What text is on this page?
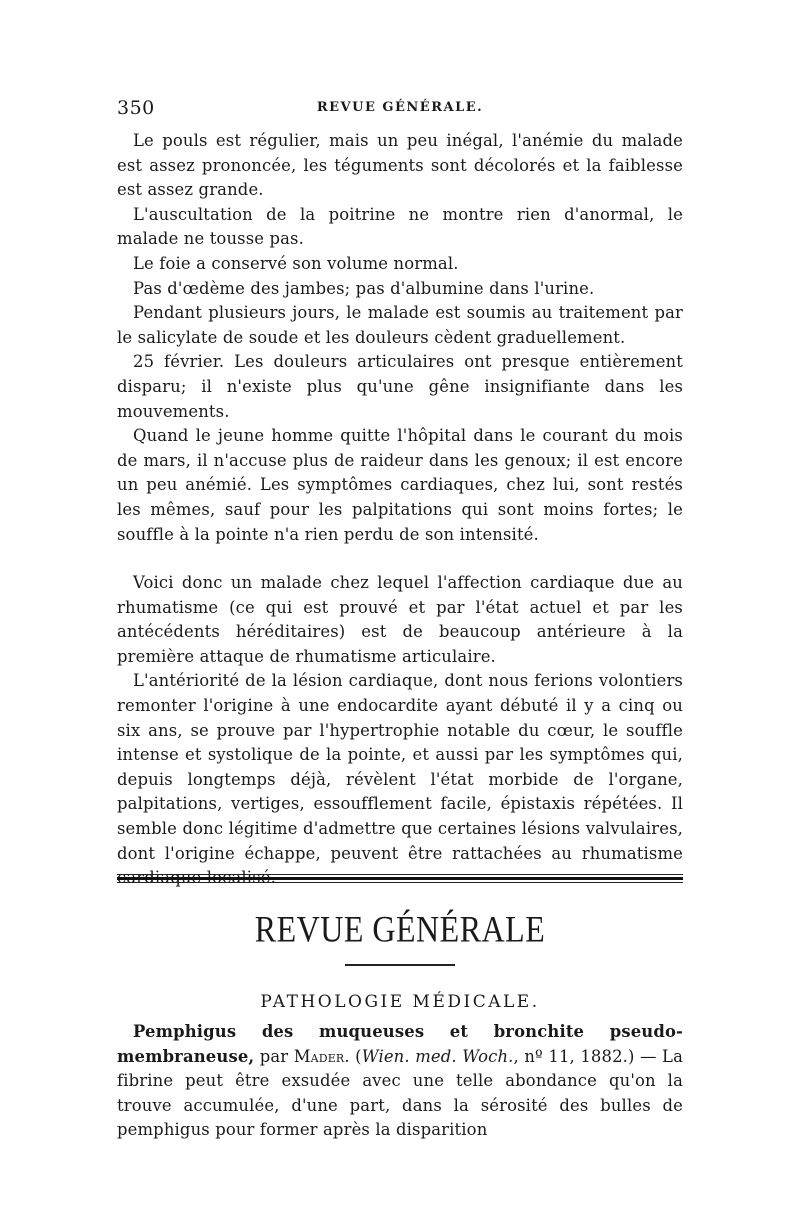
350	REVUE GÉNÉRALE.

Le pouls est régulier, mais un peu inégal, l'anémie du malade est assez prononcée, les téguments sont décolorés et la faiblesse est assez grande.

L'auscultation de la poitrine ne montre rien d'anormal, le malade ne tousse pas.

Le foie a conservé son volume normal.

Pas d'œdème des jambes; pas d'albumine dans l'urine.

Pendant plusieurs jours, le malade est soumis au traitement par le salicylate de soude et les douleurs cèdent graduellement.

25 février. Les douleurs articulaires ont presque entièrement disparu; il n'existe plus qu'une gêne insignifiante dans les mouvements.

Quand le jeune homme quitte l'hôpital dans le courant du mois de mars, il n'accuse plus de raideur dans les genoux; il est encore un peu anémié. Les symptômes cardiaques, chez lui, sont restés les mêmes, sauf pour les palpitations qui sont moins fortes; le souffle à la pointe n'a rien perdu de son intensité.

Voici donc un malade chez lequel l'affection cardiaque due au rhumatisme (ce qui est prouvé et par l'état actuel et par les antécédents héréditaires) est de beaucoup antérieure à la première attaque de rhumatisme articulaire.

L'antériorité de la lésion cardiaque, dont nous ferions volontiers remonter l'origine à une endocardite ayant débuté il y a cinq ou six ans, se prouve par l'hypertrophie notable du cœur, le souffle intense et systolique de la pointe, et aussi par les symptômes qui, depuis longtemps déjà, révèlent l'état morbide de l'organe, palpitations, vertiges, essoufflement facile, épistaxis répétées. Il semble donc légitime d'admettre que certaines lésions valvulaires, dont l'origine échappe, peuvent être rattachées au rhumatisme cardiaque localisé.

REVUE GÉNÉRALE
PATHOLOGIE MÉDICALE.

Pemphigus des muqueuses et bronchite pseudo-membraneuse, par Mader. (Wien. med. Woch., nº 11, 1882.) — La fibrine peut être exsudée avec une telle abondance qu'on la trouve accumulée, d'une part, dans la sérosité des bulles de pemphigus pour former après la disparition
